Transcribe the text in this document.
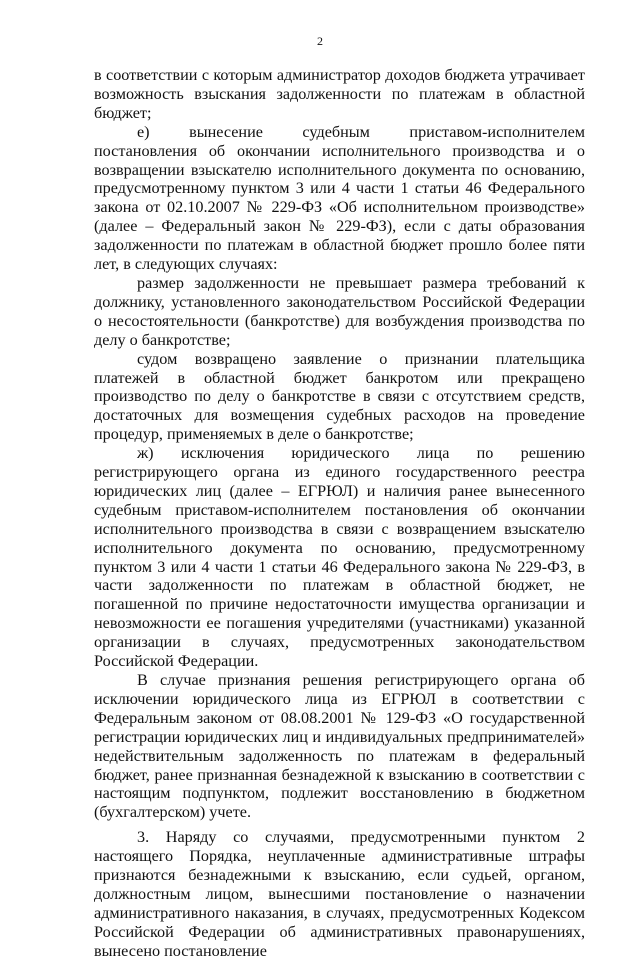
2

в соответствии с которым администратор доходов бюджета утрачивает возможность взыскания задолженности по платежам в областной бюджет;

е) вынесение судебным приставом-исполнителем постановления об окончании исполнительного производства и о возвращении взыскателю исполнительного документа по основанию, предусмотренному пунктом 3 или 4 части 1 статьи 46 Федерального закона от 02.10.2007 № 229-ФЗ «Об исполнительном производстве» (далее – Федеральный закон № 229-ФЗ), если с даты образования задолженности по платежам в областной бюджет прошло более пяти лет, в следующих случаях:

размер задолженности не превышает размера требований к должнику, установленного законодательством Российской Федерации о несостоятельности (банкротстве) для возбуждения производства по делу о банкротстве;

судом возвращено заявление о признании плательщика платежей в областной бюджет банкротом или прекращено производство по делу о банкротстве в связи с отсутствием средств, достаточных для возмещения судебных расходов на проведение процедур, применяемых в деле о банкротстве;

ж) исключения юридического лица по решению регистрирующего органа из единого государственного реестра юридических лиц (далее – ЕГРЮЛ) и наличия ранее вынесенного судебным приставом-исполнителем постановления об окончании исполнительного производства в связи с возвращением взыскателю исполнительного документа по основанию, предусмотренному пунктом 3 или 4 части 1 статьи 46 Федерального закона № 229-ФЗ, в части задолженности по платежам в областной бюджет, не погашенной по причине недостаточности имущества организации и невозможности ее погашения учредителями (участниками) указанной организации в случаях, предусмотренных законодательством Российской Федерации.

В случае признания решения регистрирующего органа об исключении юридического лица из ЕГРЮЛ в соответствии с Федеральным законом от 08.08.2001 № 129-ФЗ «О государственной регистрации юридических лиц и индивидуальных предпринимателей» недействительным задолженность по платежам в федеральный бюджет, ранее признанная безнадежной к взысканию в соответствии с настоящим подпунктом, подлежит восстановлению в бюджетном (бухгалтерском) учете.

3. Наряду со случаями, предусмотренными пунктом 2 настоящего Порядка, неуплаченные административные штрафы признаются безнадежными к взысканию, если судьей, органом, должностным лицом, вынесшими постановление о назначении административного наказания, в случаях, предусмотренных Кодексом Российской Федерации об административных правонарушениях, вынесено постановление
